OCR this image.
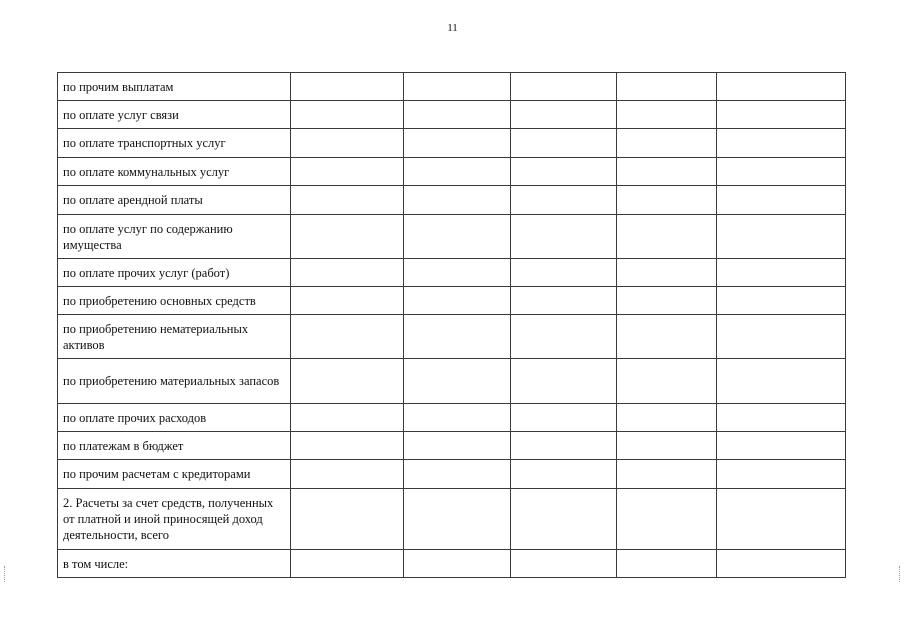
11
по прочим выплатам					
по оплате услуг связи					
по оплате транспортных услуг					
по оплате коммунальных услуг					
по оплате арендной платы					
по оплате услуг по содержанию имущества					
по оплате прочих услуг (работ)					
по приобретению основных средств					
по приобретению нематериальных активов					
по приобретению материальных запасов					
по оплате прочих расходов					
по платежам в бюджет					
по прочим расчетам с кредиторами					
2. Расчеты за счет средств, полученных от платной и иной приносящей доход деятельности, всего					
в том числе:					
